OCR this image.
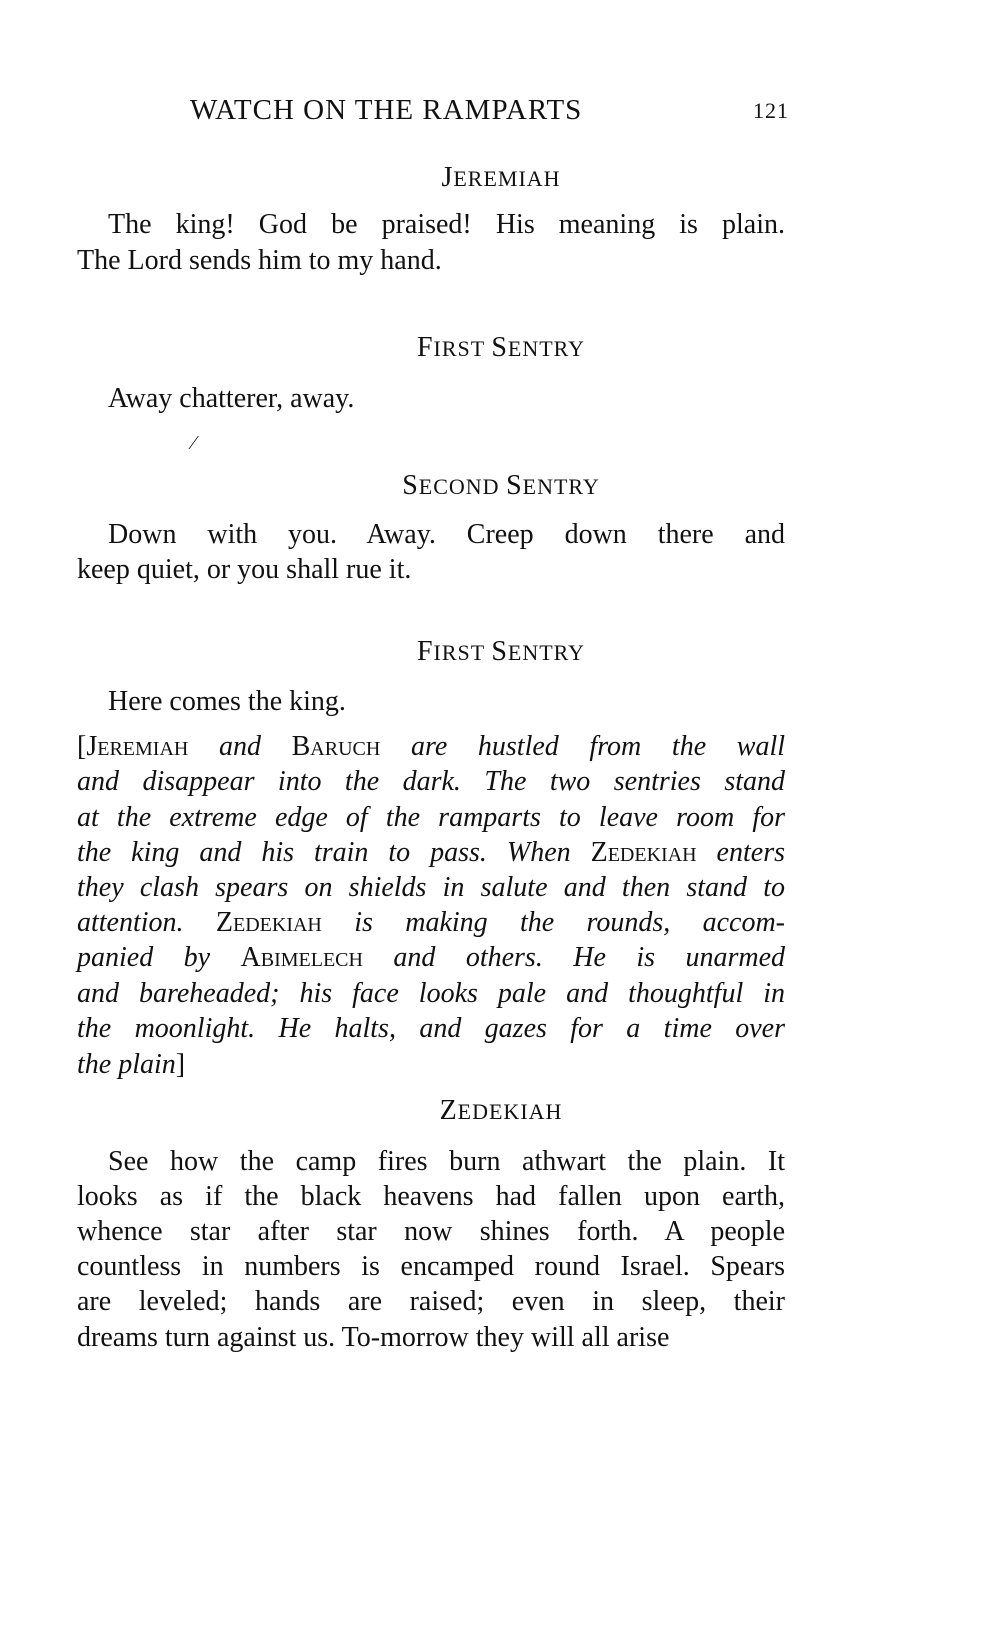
WATCH ON THE RAMPARTS	121
JEREMIAH
The king! God be praised! His meaning is plain.
The Lord sends him to my hand.
FIRST SENTRY
Away chatterer, away.
SECOND SENTRY
Down with you. Away. Creep down there and
keep quiet, or you shall rue it.
FIRST SENTRY
Here comes the king.
[Jeremiah and Baruch are hustled from the wall
and disappear into the dark. The two sentries stand
at the extreme edge of the ramparts to leave room for
the king and his train to pass. When Zedekiah enters
they clash spears on shields in salute and then stand to
attention. Zedekiah is making the rounds, accom-
panied by Abimelech and others. He is unarmed
and bareheaded; his face looks pale and thoughtful in
the moonlight. He halts, and gazes for a time over
the plain]
ZEDEKIAH
See how the camp fires burn athwart the plain. It
looks as if the black heavens had fallen upon earth,
whence star after star now shines forth. A people
countless in numbers is encamped round Israel. Spears
are leveled; hands are raised; even in sleep, their
dreams turn against us. To-morrow they will all arise
⁄
